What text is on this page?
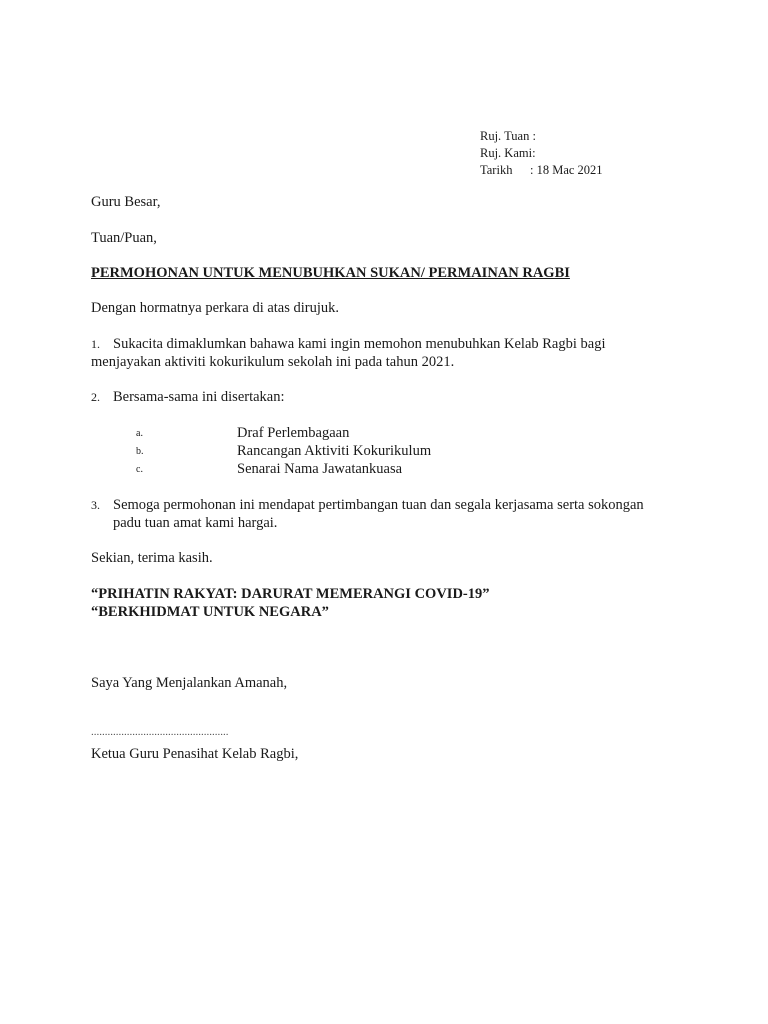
Ruj. Tuan :
Ruj. Kami:
Tarikh : 18 Mac 2021
Guru Besar,
Tuan/Puan,
PERMOHONAN UNTUK MENUBUHKAN SUKAN/ PERMAINAN RAGBI
Dengan hormatnya perkara di atas dirujuk.
1. Sukacita dimaklumkan bahawa kami ingin memohon menubuhkan Kelab Ragbi bagi
menjayakan aktiviti kokurikulum sekolah ini pada tahun 2021.
2. Bersama-sama ini disertakan:
a.	Draf Perlembagaan
b.	Rancangan Aktiviti Kokurikulum
c.	Senarai Nama Jawatankuasa
3. Semoga permohonan ini mendapat pertimbangan tuan dan segala kerjasama serta sokongan
padu tuan amat kami hargai.
Sekian, terima kasih.
“PRIHATIN RAKYAT: DARURAT MEMERANGI COVID-19”
“BERKHIDMAT UNTUK NEGARA”
Saya Yang Menjalankan Amanah,
..................................................
Ketua Guru Penasihat Kelab Ragbi,
